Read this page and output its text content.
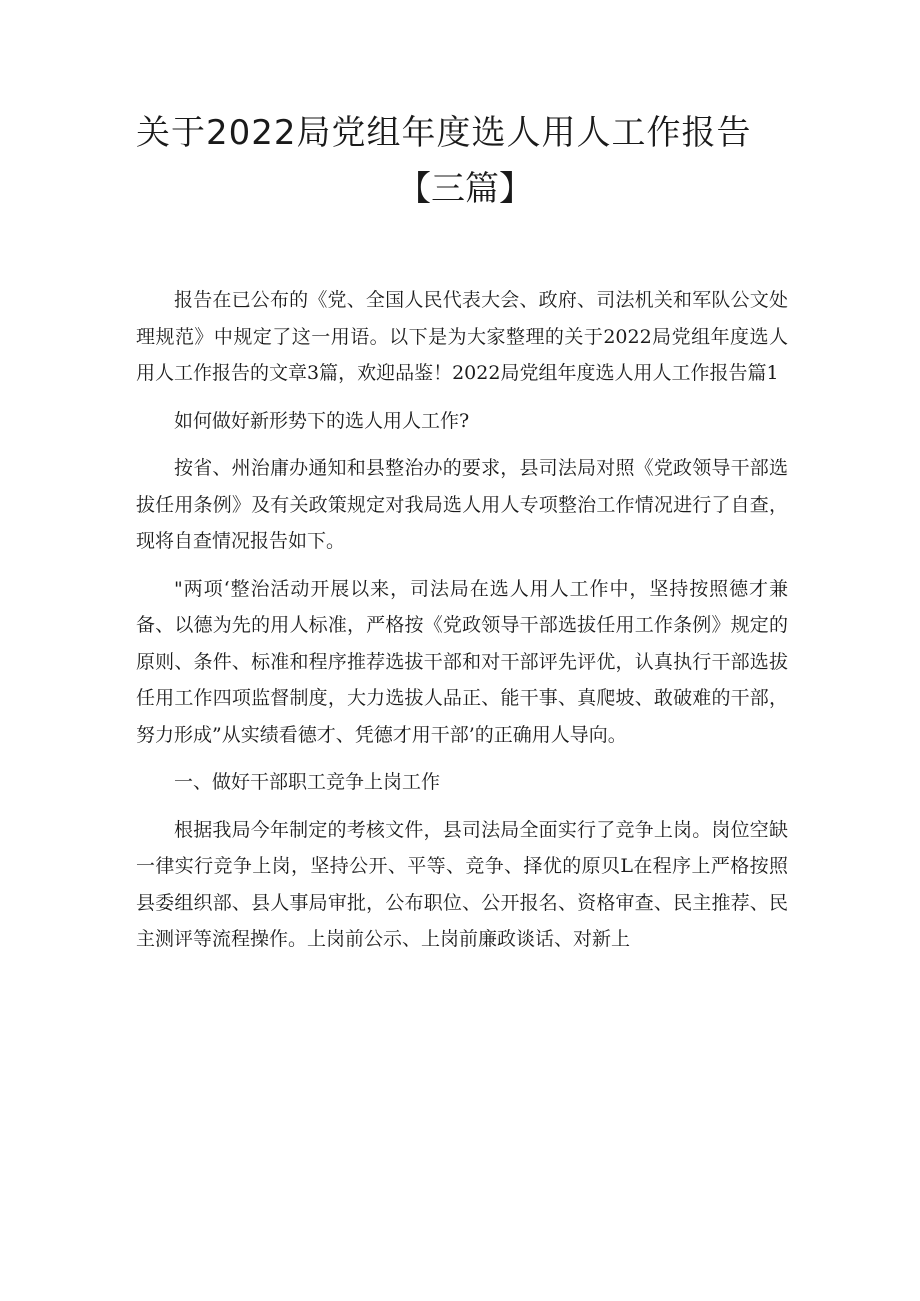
关于2022局党组年度选人用人工作报告
【三篇】

报告在已公布的《党、全国人民代表大会、政府、司法机关和军队公文处理规范》中规定了这一用语。以下是为大家整理的关于2022局党组年度选人用人工作报告的文章3篇，欢迎品鉴！2022局党组年度选人用人工作报告篇1

如何做好新形势下的选人用人工作?

按省、州治庸办通知和县整治办的要求，县司法局对照《党政领导干部选拔任用条例》及有关政策规定对我局选人用人专项整治工作情况进行了自查，现将自查情况报告如下。

"两项‘整治活动开展以来，司法局在选人用人工作中，坚持按照德才兼备、以德为先的用人标准，严格按《党政领导干部选拔任用工作条例》规定的原则、条件、标准和程序推荐选拔干部和对干部评先评优，认真执行干部选拔任用工作四项监督制度，大力选拔人品正、能干事、真爬坡、敢破难的干部，努力形成”从实绩看德才、凭德才用干部’的正确用人导向。

一、做好干部职工竞争上岗工作

根据我局今年制定的考核文件，县司法局全面实行了竞争上岗。岗位空缺一律实行竞争上岗，坚持公开、平等、竞争、择优的原贝L在程序上严格按照县委组织部、县人事局审批，公布职位、公开报名、资格审查、民主推荐、民主测评等流程操作。上岗前公示、上岗前廉政谈话、对新上
